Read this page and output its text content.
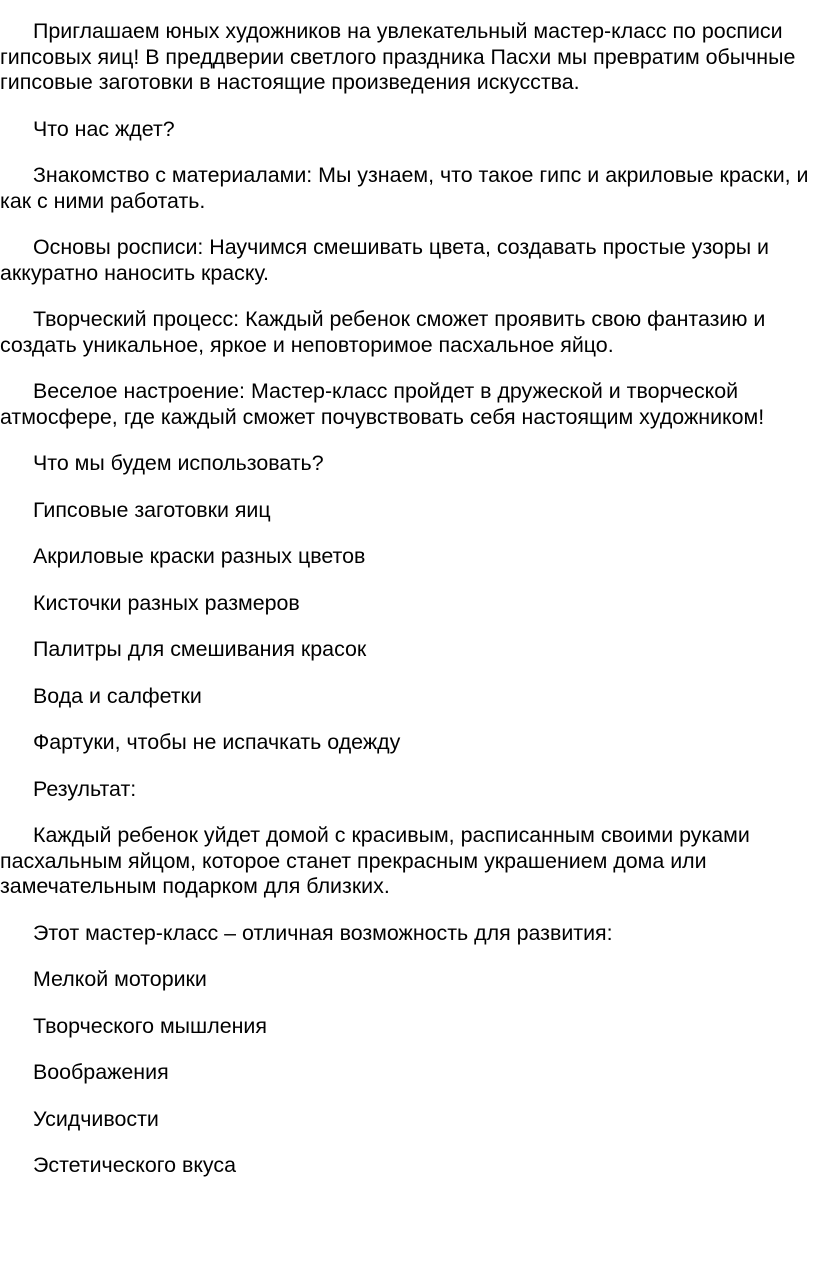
Приглашаем юных художников на увлекательный мастер-класс по росписи гипсовых яиц! В преддверии светлого праздника Пасхи мы превратим обычные гипсовые заготовки в настоящие произведения искусства.

Что нас ждет?

Знакомство с материалами: Мы узнаем, что такое гипс и акриловые краски, и как с ними работать.

Основы росписи: Научимся смешивать цвета, создавать простые узоры и аккуратно наносить краску.

Творческий процесс: Каждый ребенок сможет проявить свою фантазию и создать уникальное, яркое и неповторимое пасхальное яйцо.

Веселое настроение: Мастер-класс пройдет в дружеской и творческой атмосфере, где каждый сможет почувствовать себя настоящим художником!

Что мы будем использовать?

Гипсовые заготовки яиц

Акриловые краски разных цветов

Кисточки разных размеров

Палитры для смешивания красок

Вода и салфетки

Фартуки, чтобы не испачкать одежду

Результат:

Каждый ребенок уйдет домой с красивым, расписанным своими руками пасхальным яйцом, которое станет прекрасным украшением дома или замечательным подарком для близких.

Этот мастер-класс – отличная возможность для развития:

Мелкой моторики

Творческого мышления

Воображения

Усидчивости

Эстетического вкуса
